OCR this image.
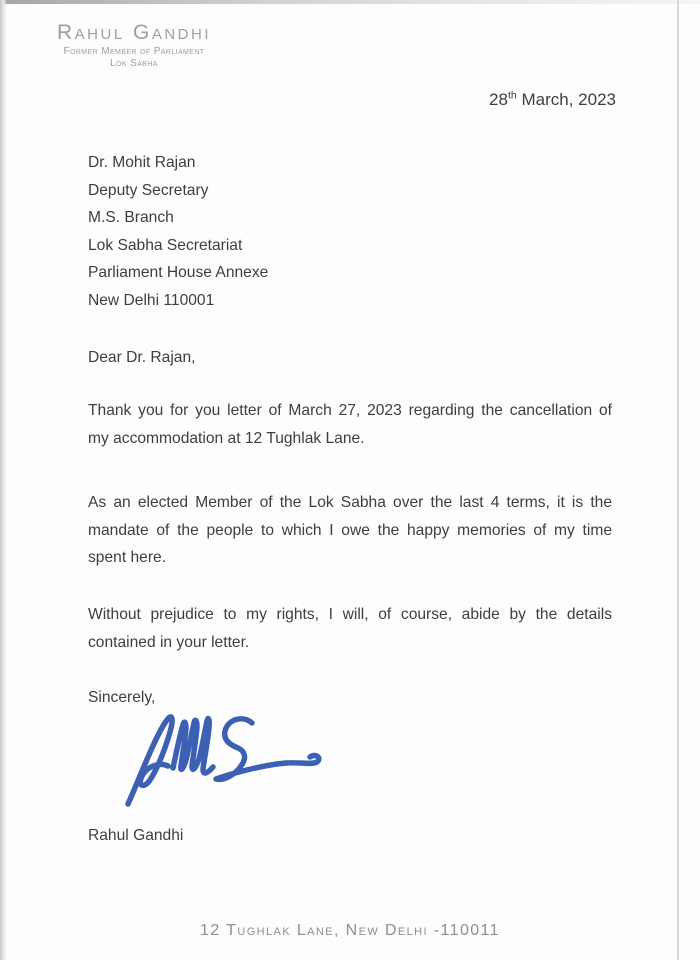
Rahul Gandhi
Former Member of Parliament
Lok Sabha
28th March, 2023
Dr. Mohit Rajan
Deputy Secretary
M.S. Branch
Lok Sabha Secretariat
Parliament House Annexe
New Delhi 110001
Dear Dr. Rajan,
Thank you for you letter of March 27, 2023 regarding the cancellation of
my accommodation at 12 Tughlak Lane.
As an elected Member of the Lok Sabha over the last 4 terms, it is the
mandate of the people to which I owe the happy memories of my time
spent here.
Without prejudice to my rights, I will, of course, abide by the details
contained in your letter.
Sincerely,
Rahul Gandhi
12 Tughlak Lane, New Delhi -110011
